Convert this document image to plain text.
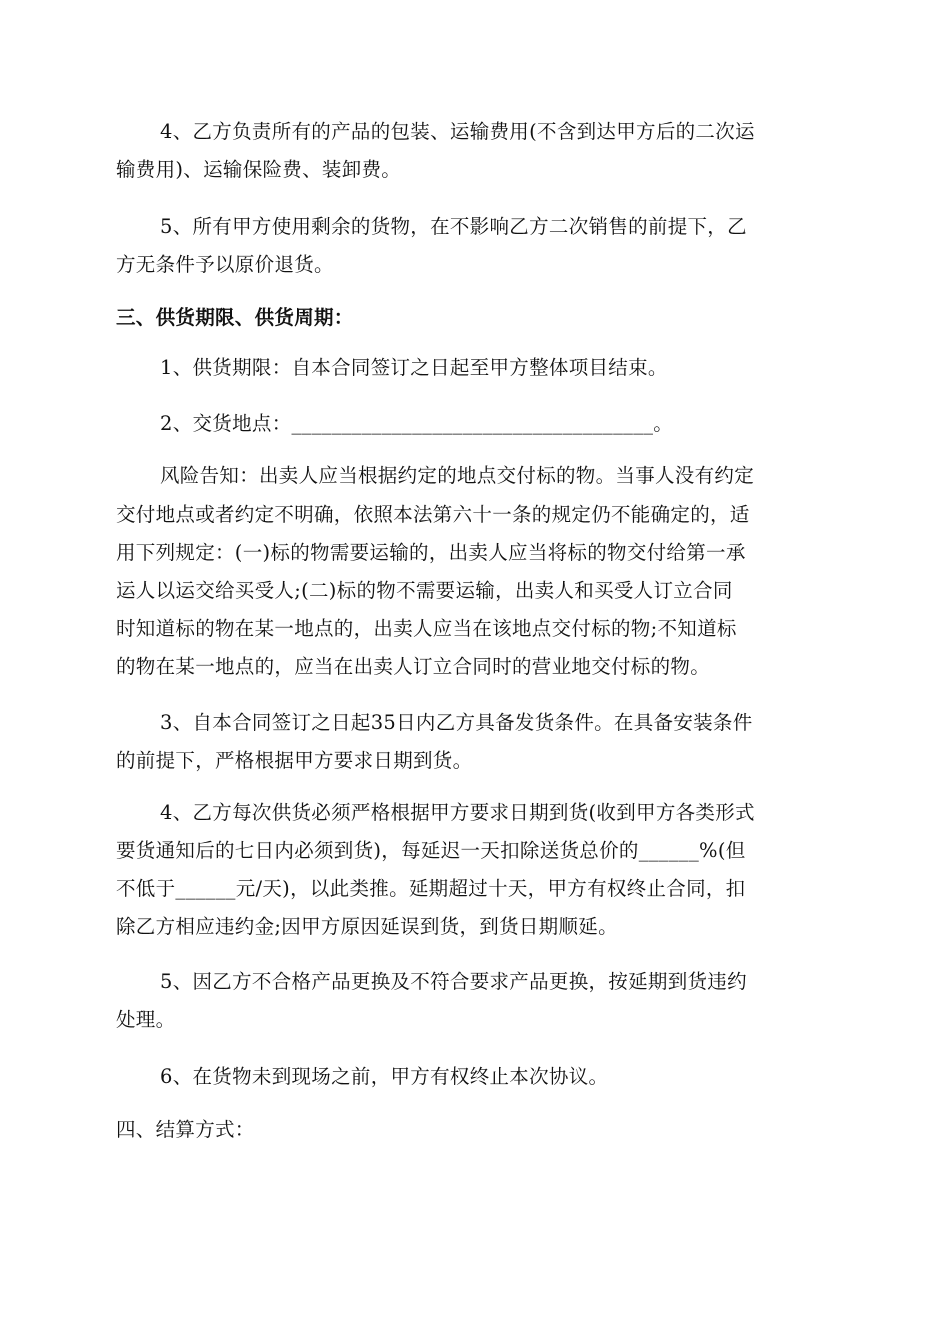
4、乙方负责所有的产品的包装、运输费用(不含到达甲方后的二次运
输费用)、运输保险费、装卸费。
5、所有甲方使用剩余的货物，在不影响乙方二次销售的前提下，乙
方无条件予以原价退货。
三、供货期限、供货周期：
1、供货期限：自本合同签订之日起至甲方整体项目结束。
2、交货地点：____________________________________。
风险告知：出卖人应当根据约定的地点交付标的物。当事人没有约定
交付地点或者约定不明确，依照本法第六十一条的规定仍不能确定的，适
用下列规定：(一)标的物需要运输的，出卖人应当将标的物交付给第一承
运人以运交给买受人;(二)标的物不需要运输，出卖人和买受人订立合同
时知道标的物在某一地点的，出卖人应当在该地点交付标的物;不知道标
的物在某一地点的，应当在出卖人订立合同时的营业地交付标的物。
3、自本合同签订之日起35日内乙方具备发货条件。在具备安装条件
的前提下，严格根据甲方要求日期到货。
4、乙方每次供货必须严格根据甲方要求日期到货(收到甲方各类形式
要货通知后的七日内必须到货)，每延迟一天扣除送货总价的______%(但
不低于______元/天)，以此类推。延期超过十天，甲方有权终止合同，扣
除乙方相应违约金;因甲方原因延误到货，到货日期顺延。
5、因乙方不合格产品更换及不符合要求产品更换，按延期到货违约
处理。
6、在货物未到现场之前，甲方有权终止本次协议。
四、结算方式：
